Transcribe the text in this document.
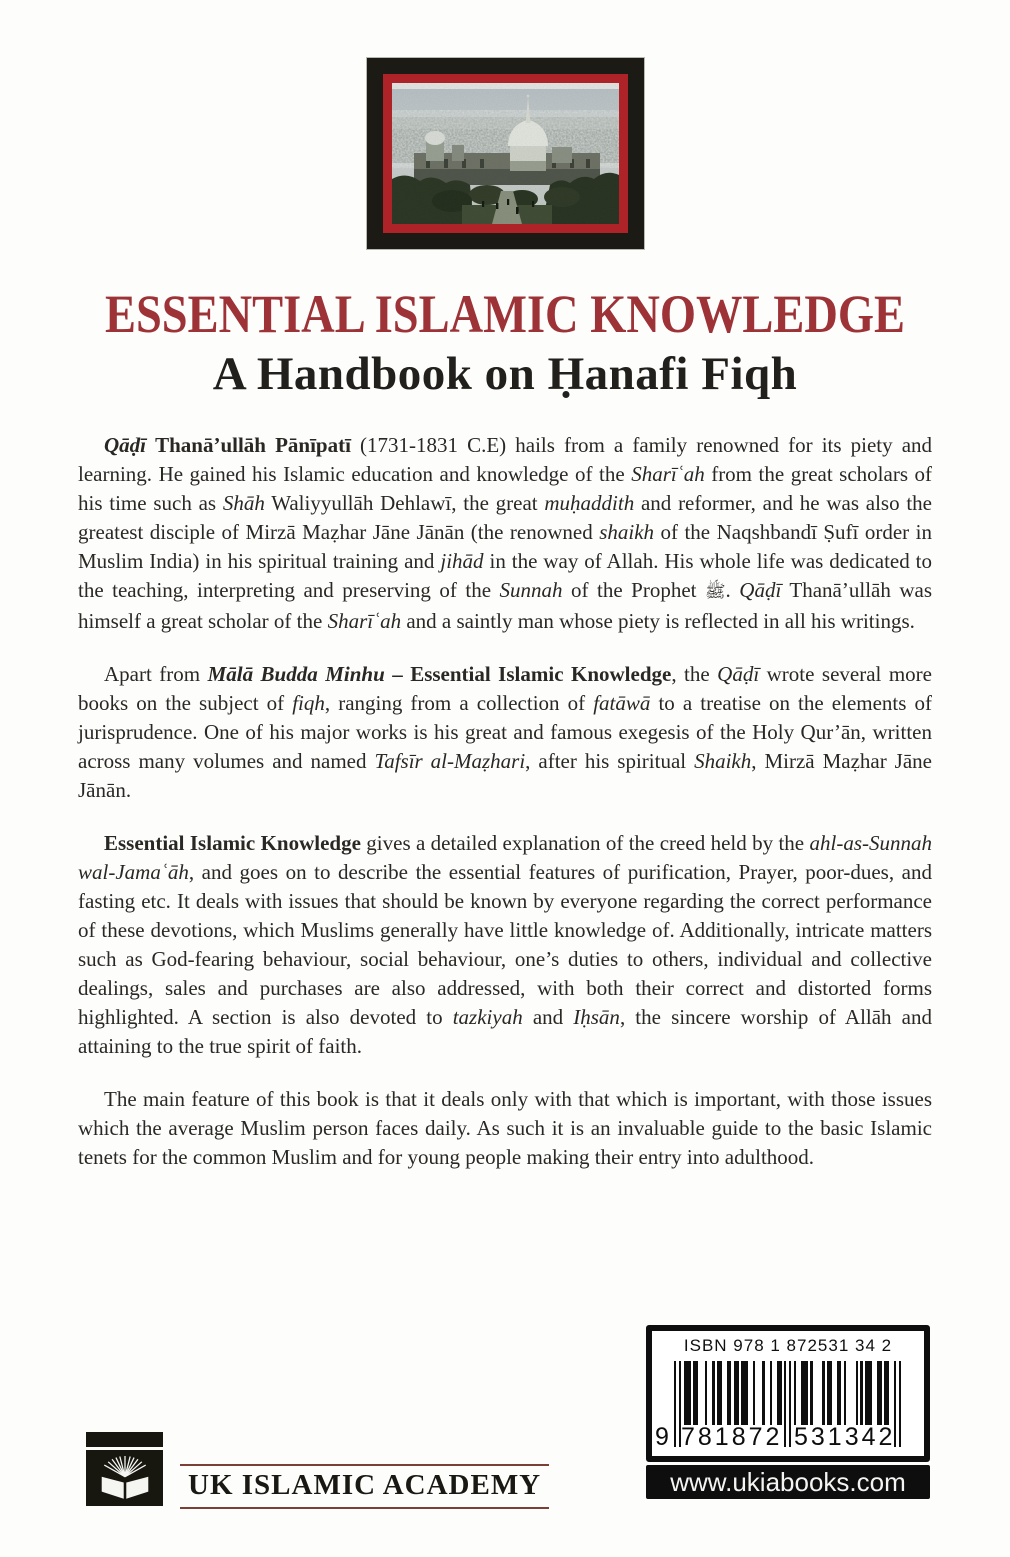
ESSENTIAL ISLAMIC KNOWLEDGE
A Handbook on Ḥanafi Fiqh

Qāḍī Thanā’ullāh Pānīpatī (1731-1831 C.E) hails from a family renowned for its piety and learning. He gained his Islamic education and knowledge of the Sharīʿah from the great scholars of his time such as Shāh Waliyyullāh Dehlawī, the great muḥaddith and reformer, and he was also the greatest disciple of Mirzā Maẓhar Jāne Jānān (the renowned shaikh of the Naqshbandī Ṣufī order in Muslim India) in his spiritual training and jihād in the way of Allah. His whole life was dedicated to the teaching, interpreting and preserving of the Sunnah of the Prophet ﷺ. Qāḍī Thanā’ullāh was himself a great scholar of the Sharīʿah and a saintly man whose piety is reflected in all his writings.

Apart from Mālā Budda Minhu – Essential Islamic Knowledge, the Qāḍī wrote several more books on the subject of fiqh, ranging from a collection of fatāwā to a treatise on the elements of jurisprudence. One of his major works is his great and famous exegesis of the Holy Qur’ān, written across many volumes and named Tafsīr al-Maẓhari, after his spiritual Shaikh, Mirzā Maẓhar Jāne Jānān.

Essential Islamic Knowledge gives a detailed explanation of the creed held by the ahl-as-Sunnah wal-Jamaʿāh, and goes on to describe the essential features of purification, Prayer, poor-dues, and fasting etc. It deals with issues that should be known by everyone regarding the correct performance of these devotions, which Muslims generally have little knowledge of. Additionally, intricate matters such as God-fearing behaviour, social behaviour, one’s duties to others, individual and collective dealings, sales and purchases are also addressed, with both their correct and distorted forms highlighted. A section is also devoted to tazkiyah and Iḥsān, the sincere worship of Allāh and attaining to the true spirit of faith.

The main feature of this book is that it deals only with that which is important, with those issues which the average Muslim person faces daily. As such it is an invaluable guide to the basic Islamic tenets for the common Muslim and for young people making their entry into adulthood.

UK ISLAMIC ACADEMY
ISBN 978 1 872531 34 2
9 781872 531342
www.ukiabooks.com
